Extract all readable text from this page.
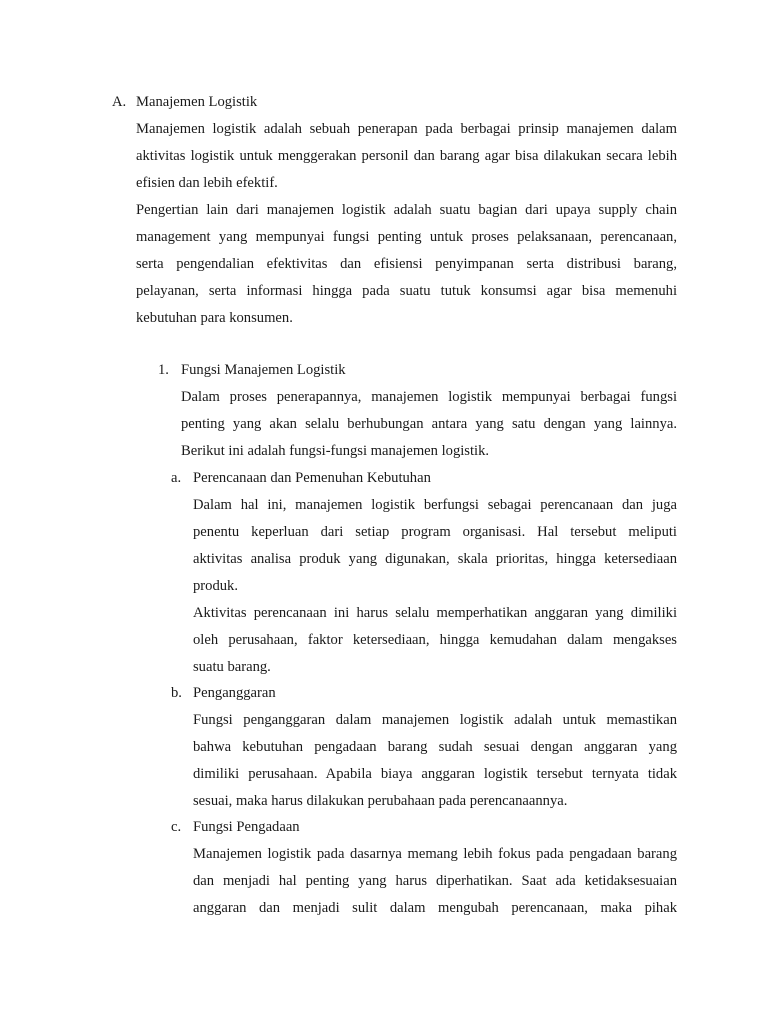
A. Manajemen Logistik
Manajemen logistik adalah sebuah penerapan pada berbagai prinsip manajemen dalam
aktivitas logistik untuk menggerakan personil dan barang agar bisa dilakukan secara lebih
efisien dan lebih efektif.
Pengertian lain dari manajemen logistik adalah suatu bagian dari upaya supply chain
management yang mempunyai fungsi penting untuk proses pelaksanaan, perencanaan,
serta pengendalian efektivitas dan efisiensi penyimpanan serta distribusi barang,
pelayanan, serta informasi hingga pada suatu tutuk konsumsi agar bisa memenuhi
kebutuhan para konsumen.
1. Fungsi Manajemen Logistik
Dalam proses penerapannya, manajemen logistik mempunyai berbagai fungsi
penting yang akan selalu berhubungan antara yang satu dengan yang lainnya.
Berikut ini adalah fungsi-fungsi manajemen logistik.
a. Perencanaan dan Pemenuhan Kebutuhan
Dalam hal ini, manajemen logistik berfungsi sebagai perencanaan dan juga
penentu keperluan dari setiap program organisasi. Hal tersebut meliputi
aktivitas analisa produk yang digunakan, skala prioritas, hingga ketersediaan
produk.
Aktivitas perencanaan ini harus selalu memperhatikan anggaran yang dimiliki
oleh perusahaan, faktor ketersediaan, hingga kemudahan dalam mengakses
suatu barang.
b. Penganggaran
Fungsi penganggaran dalam manajemen logistik adalah untuk memastikan
bahwa kebutuhan pengadaan barang sudah sesuai dengan anggaran yang
dimiliki perusahaan. Apabila biaya anggaran logistik tersebut ternyata tidak
sesuai, maka harus dilakukan perubahaan pada perencanaannya.
c. Fungsi Pengadaan
Manajemen logistik pada dasarnya memang lebih fokus pada pengadaan barang
dan menjadi hal penting yang harus diperhatikan. Saat ada ketidaksesuaian
anggaran dan menjadi sulit dalam mengubah perencanaan, maka pihak
